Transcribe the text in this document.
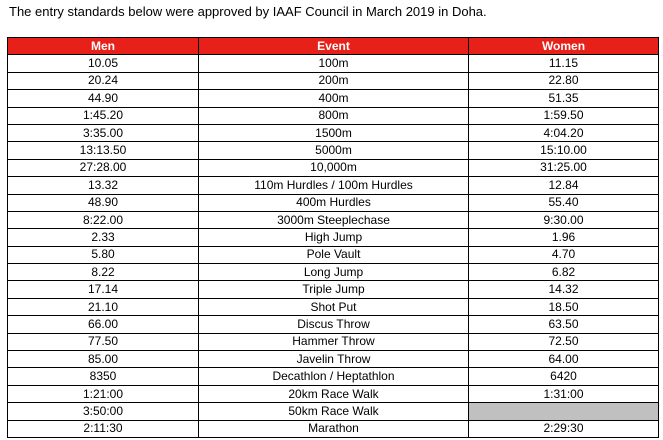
The entry standards below were approved by IAAF Council in March 2019 in Doha.
Men	Event	Women
10.05	100m	11.15
20.24	200m	22.80
44.90	400m	51.35
1:45.20	800m	1:59.50
3:35.00	1500m	4:04.20
13:13.50	5000m	15:10.00
27:28.00	10,000m	31:25.00
13.32	110m Hurdles / 100m Hurdles	12.84
48.90	400m Hurdles	55.40
8:22.00	3000m Steeplechase	9:30.00
2.33	High Jump	1.96
5.80	Pole Vault	4.70
8.22	Long Jump	6.82
17.14	Triple Jump	14.32
21.10	Shot Put	18.50
66.00	Discus Throw	63.50
77.50	Hammer Throw	72.50
85.00	Javelin Throw	64.00
8350	Decathlon / Heptathlon	6420
1:21:00	20km Race Walk	1:31:00
3:50:00	50km Race Walk	
2:11:30	Marathon	2:29:30
